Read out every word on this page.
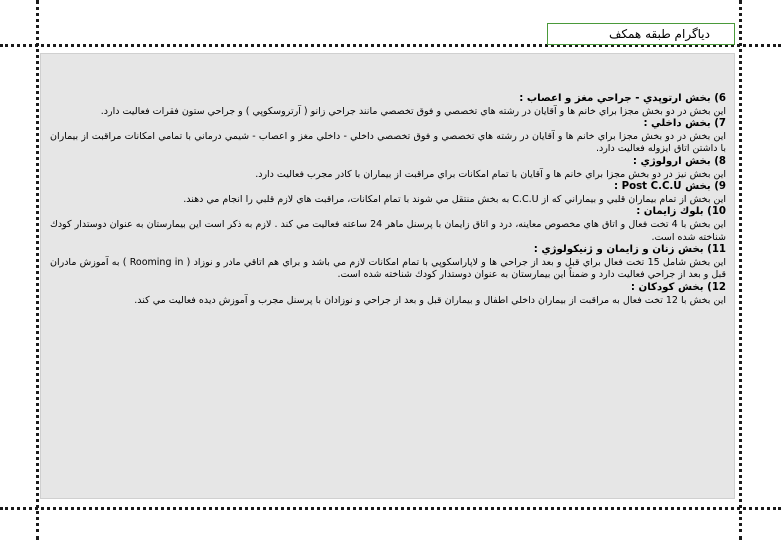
دياگرام طبقه همكف
6) بخش ارتوپدي - جراحي مغز و اعصاب :
اين بخش در دو بخش مجزا براي خانم ها و آقايان در رشته هاي تخصصي و فوق تخصصي مانند جراحي زانو ( آرتروسكوپي ) و جراحي ستون فقرات فعاليت دارد.
7) بخش داخلي :
اين بخش در دو بخش مجزا براي خانم ها و آقايان در رشته هاي تخصصي و فوق تخصصي داخلي - داخلي مغز و اعصاب - شيمي درماني با تمامي امكانات مراقبت از بيماران با داشتن اتاق ايزوله فعاليت دارد.
8) بخش ارولوژي :
اين بخش نيز در دو بخش مجزا براي خانم ها و آقايان با تمام امكانات براي مراقبت از بيماران با كادر مجرب فعاليت دارد.
9) بخش Post C.C.U :
اين بخش از تمام بيماران قلبي و بيماراني كه از C.C.U به بخش منتقل مي شوند با تمام امكانات، مراقبت هاي لازم قلبي را انجام مي دهند.
10) بلوك زايمان :
اين بخش با 4 تخت فعال و اتاق هاي مخصوص معاينه، درد و اتاق زايمان با پرسنل ماهر 24 ساعته فعاليت مي كند . لازم به ذكر است اين بيمارستان به عنوان دوستدار كودك شناخته شده است.
11) بخش زنان و زايمان و ژنيكولوژي :
اين بخش شامل 15 تخت فعال براي قبل و بعد از جراحي ها و لاپاراسكوپي با تمام امكانات لازم مي باشد و براي هم اتاقي مادر و نوزاد ( Rooming in ) به آموزش مادران قبل و بعد از جراحي فعاليت دارد و ضمناً اين بيمارستان به عنوان دوستدار كودك شناخته شده است.
12) بخش كودكان :
اين بخش با 12 تخت فعال به مراقبت از بيماران داخلي اطفال و بيماران قبل و بعد از جراحي و نوزادان با پرسنل مجرب و آموزش ديده فعاليت مي كند.
